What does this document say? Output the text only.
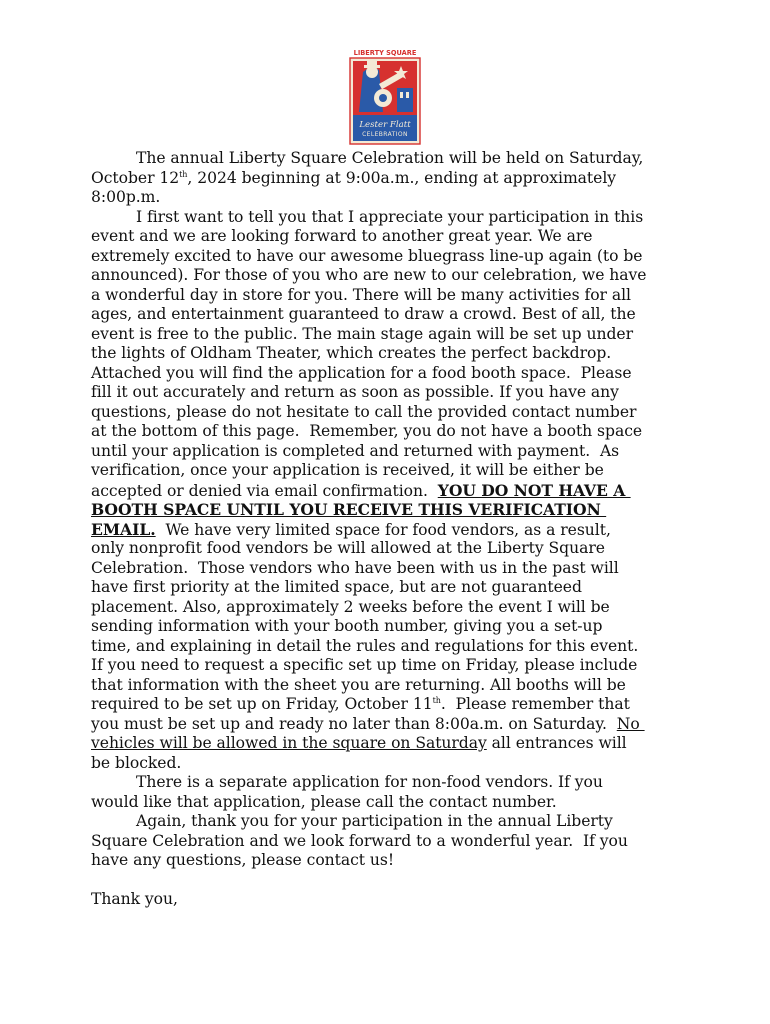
LIBERTY SQUARE
Lester Flatt
CELEBRATION
The annual Liberty Square Celebration will be held on Saturday,
October 12th, 2024 beginning at 9:00a.m., ending at approximately
8:00p.m.
I first want to tell you that I appreciate your participation in this
event and we are looking forward to another great year. We are
extremely excited to have our awesome bluegrass line-up again (to be
announced). For those of you who are new to our celebration, we have
a wonderful day in store for you. There will be many activities for all
ages, and entertainment guaranteed to draw a crowd. Best of all, the
event is free to the public. The main stage again will be set up under
the lights of Oldham Theater, which creates the perfect backdrop.
Attached you will find the application for a food booth space.  Please
fill it out accurately and return as soon as possible. If you have any
questions, please do not hesitate to call the provided contact number
at the bottom of this page.  Remember, you do not have a booth space
until your application is completed and returned with payment.  As
verification, once your application is received, it will be either be
accepted or denied via email confirmation.  YOU DO NOT HAVE A
BOOTH SPACE UNTIL YOU RECEIVE THIS VERIFICATION
EMAIL.  We have very limited space for food vendors, as a result,
only nonprofit food vendors be will allowed at the Liberty Square
Celebration.  Those vendors who have been with us in the past will
have first priority at the limited space, but are not guaranteed
placement. Also, approximately 2 weeks before the event I will be
sending information with your booth number, giving you a set-up
time, and explaining in detail the rules and regulations for this event.
If you need to request a specific set up time on Friday, please include
that information with the sheet you are returning. All booths will be
required to be set up on Friday, October 11th.  Please remember that
you must be set up and ready no later than 8:00a.m. on Saturday.  No
vehicles will be allowed in the square on Saturday all entrances will
be blocked.
There is a separate application for non-food vendors. If you
would like that application, please call the contact number.
Again, thank you for your participation in the annual Liberty
Square Celebration and we look forward to a wonderful year.  If you
have any questions, please contact us!
Thank you,
